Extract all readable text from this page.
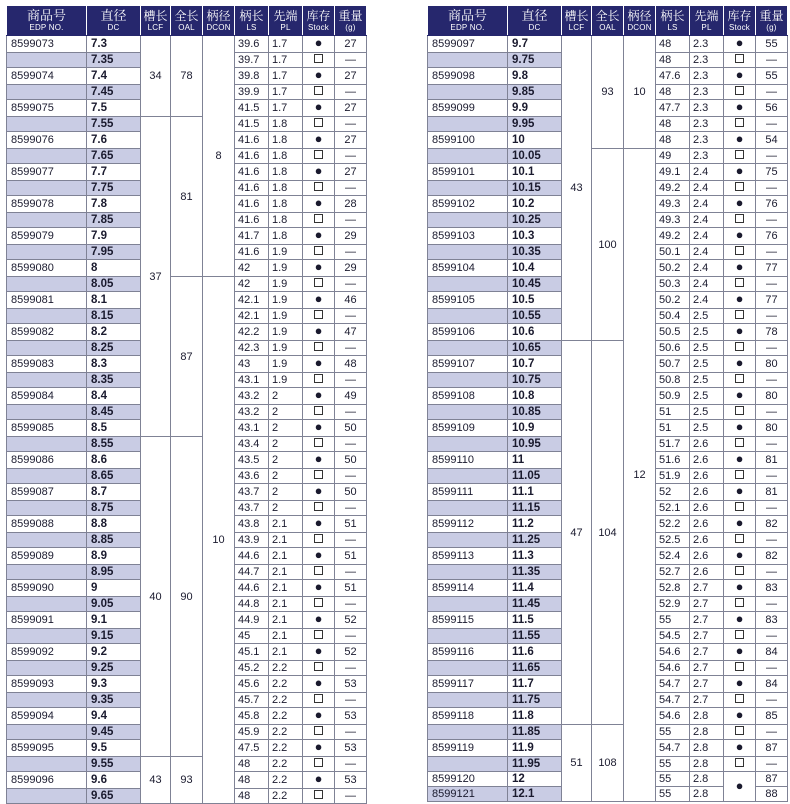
商品号
EDP NO.	直径
DC	槽长
LCF	全长
OAL	柄径
DCON	柄长
LS	先端
PL	库存
Stock	重量
(g)

8599073	7.3	34	78	8	39.6	1.7	●	27
	7.35				39.7	1.7		—
8599074	7.4				39.8	1.7	●	27
	7.45				39.9	1.7		—
8599075	7.5				41.5	1.7	●	27
	7.55	37	81		41.5	1.8		—
8599076	7.6				41.6	1.8	●	27
	7.65				41.6	1.8		—
8599077	7.7				41.6	1.8	●	27
	7.75				41.6	1.8		—
8599078	7.8				41.6	1.8	●	28
	7.85				41.6	1.8		—
8599079	7.9				41.7	1.8	●	29
	7.95				41.6	1.9		—
8599080	8				42	1.9	●	29
	8.05		87	10	42	1.9		—
8599081	8.1				42.1	1.9	●	46
	8.15				42.1	1.9		—
8599082	8.2				42.2	1.9	●	47
	8.25				42.3	1.9		—
8599083	8.3				43	1.9	●	48
	8.35				43.1	1.9		—
8599084	8.4				43.2	2	●	49
	8.45				43.2	2		—
8599085	8.5				43.1	2	●	50
	8.55	40	90		43.4	2		—
8599086	8.6				43.5	2	●	50
	8.65				43.6	2		—
8599087	8.7				43.7	2	●	50
	8.75				43.7	2		—
8599088	8.8				43.8	2.1	●	51
	8.85				43.9	2.1		—
8599089	8.9				44.6	2.1	●	51
	8.95				44.7	2.1		—
8599090	9				44.6	2.1	●	51
	9.05				44.8	2.1		—
8599091	9.1				44.9	2.1	●	52
	9.15				45	2.1		—
8599092	9.2				45.1	2.1	●	52
	9.25				45.2	2.2		—
8599093	9.3				45.6	2.2	●	53
	9.35				45.7	2.2		—
8599094	9.4				45.8	2.2	●	53
	9.45				45.9	2.2		—
8599095	9.5				47.5	2.2	●	53
	9.55	43	93		48	2.2		—
8599096	9.6				48	2.2	●	53
	9.65				48	2.2		—
商品号
EDP NO.	直径
DC	槽长
LCF	全长
OAL	柄径
DCON	柄长
LS	先端
PL	库存
Stock	重量
(g)

8599097	9.7	43	93	10	48	2.3	●	55
	9.75				48	2.3		—
8599098	9.8				47.6	2.3	●	55
	9.85				48	2.3		—
8599099	9.9				47.7	2.3	●	56
	9.95				48	2.3		—
8599100	10				48	2.3	●	54
	10.05		100	12	49	2.3		—
8599101	10.1				49.1	2.4	●	75
	10.15				49.2	2.4		—
8599102	10.2				49.3	2.4	●	76
	10.25				49.3	2.4		—
8599103	10.3				49.2	2.4	●	76
	10.35				50.1	2.4		—
8599104	10.4				50.2	2.4	●	77
	10.45				50.3	2.4		—
8599105	10.5				50.2	2.4	●	77
	10.55				50.4	2.5		—
8599106	10.6				50.5	2.5	●	78
	10.65	47	104		50.6	2.5		—
8599107	10.7				50.7	2.5	●	80
	10.75				50.8	2.5		—
8599108	10.8				50.9	2.5	●	80
	10.85				51	2.5		—
8599109	10.9				51	2.5	●	80
	10.95				51.7	2.6		—
8599110	11				51.6	2.6	●	81
	11.05				51.9	2.6		—
8599111	11.1				52	2.6	●	81
	11.15				52.1	2.6		—
8599112	11.2				52.2	2.6	●	82
	11.25				52.5	2.6		—
8599113	11.3				52.4	2.6	●	82
	11.35				52.7	2.6		—
8599114	11.4				52.8	2.7	●	83
	11.45				52.9	2.7		—
8599115	11.5				55	2.7	●	83
	11.55				54.5	2.7		—
8599116	11.6				54.6	2.7	●	84
	11.65				54.6	2.7		—
8599117	11.7				54.7	2.7	●	84
	11.75				54.7	2.7		—
8599118	11.8				54.6	2.8	●	85
	11.85	51	108		55	2.8		—
8599119	11.9				54.7	2.8	●	87
	11.95				55	2.8		—
8599120	12				55	2.8	●	87
8599121	12.1				55	2.8		88
